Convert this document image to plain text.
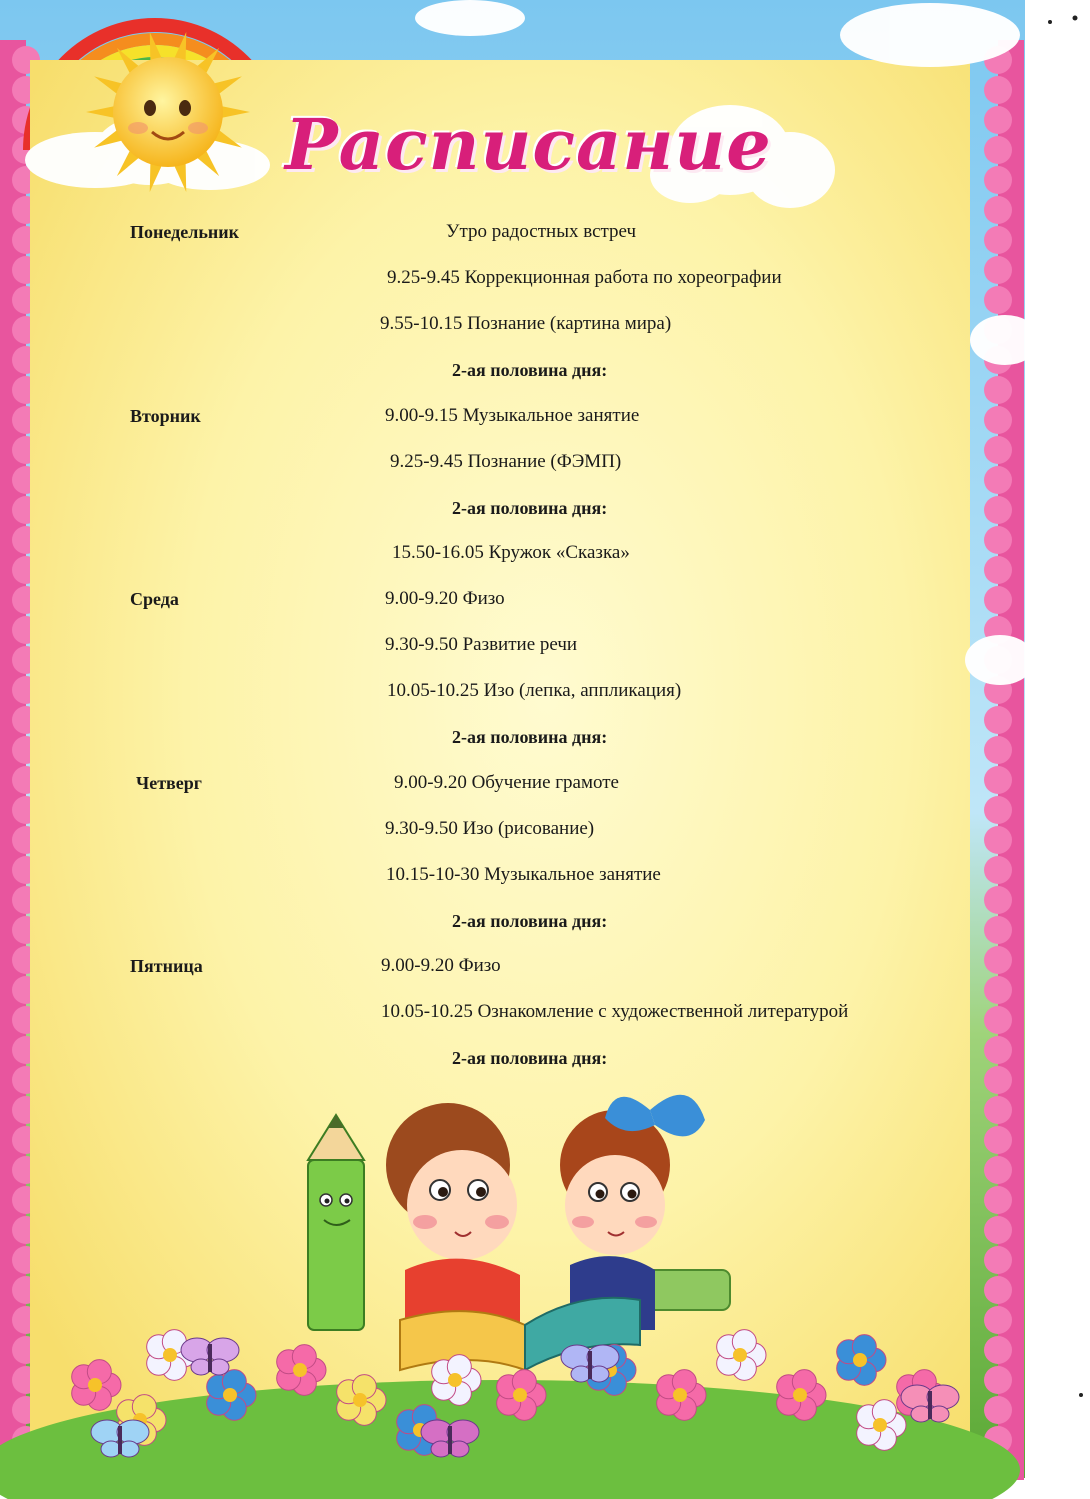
Расписание
Понедельник	Утро радостных встреч
9.25-9.45 Коррекционная работа по хореографии
9.55-10.15 Познание (картина мира)
2-ая половина дня:
Вторник	9.00-9.15 Музыкальное занятие
9.25-9.45 Познание (ФЭМП)
2-ая половина дня:
15.50-16.05 Кружок «Сказка»
Среда	9.00-9.20 Физо
9.30-9.50 Развитие речи
10.05-10.25 Изо (лепка, аппликация)
2-ая половина дня:
Четверг	9.00-9.20 Обучение грамоте
9.30-9.50 Изо (рисование)
10.15-10-30 Музыкальное занятие
2-ая половина дня:
Пятница	9.00-9.20 Физо
10.05-10.25 Ознакомление с художественной литературой
2-ая половина дня:
